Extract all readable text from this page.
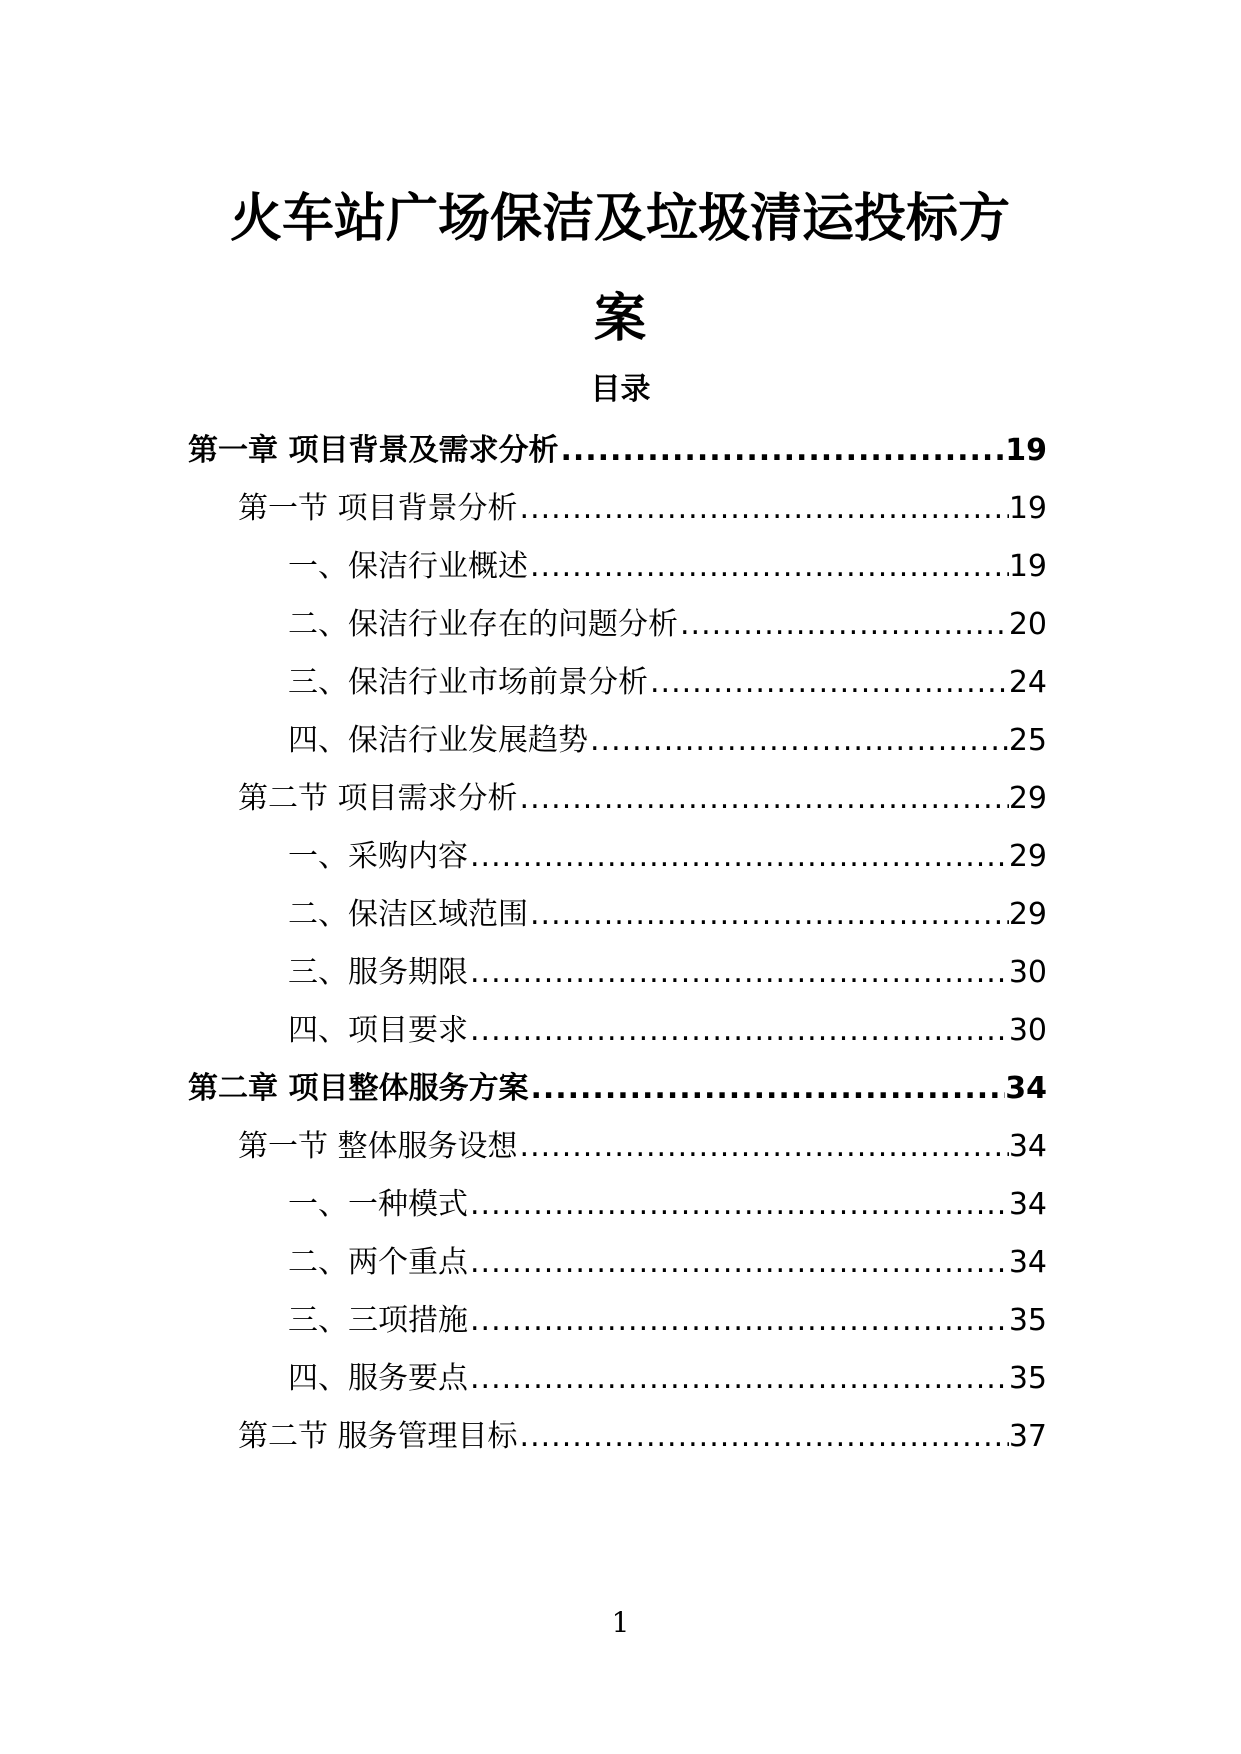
火车站广场保洁及垃圾清运投标方
案
目录
第一章 项目背景及需求分析 .....	19
第一节 项目背景分析 .....	19
一、保洁行业概述 .....	19
二、保洁行业存在的问题分析 .....	20
三、保洁行业市场前景分析 .....	24
四、保洁行业发展趋势 .....	25
第二节 项目需求分析 .....	29
一、采购内容 .....	29
二、保洁区域范围 .....	29
三、服务期限 .....	30
四、项目要求 .....	30
第二章 项目整体服务方案 .....	34
第一节 整体服务设想 .....	34
一、一种模式 .....	34
二、两个重点 .....	34
三、三项措施 .....	35
四、服务要点 .....	35
第二节 服务管理目标 .....	37
1
